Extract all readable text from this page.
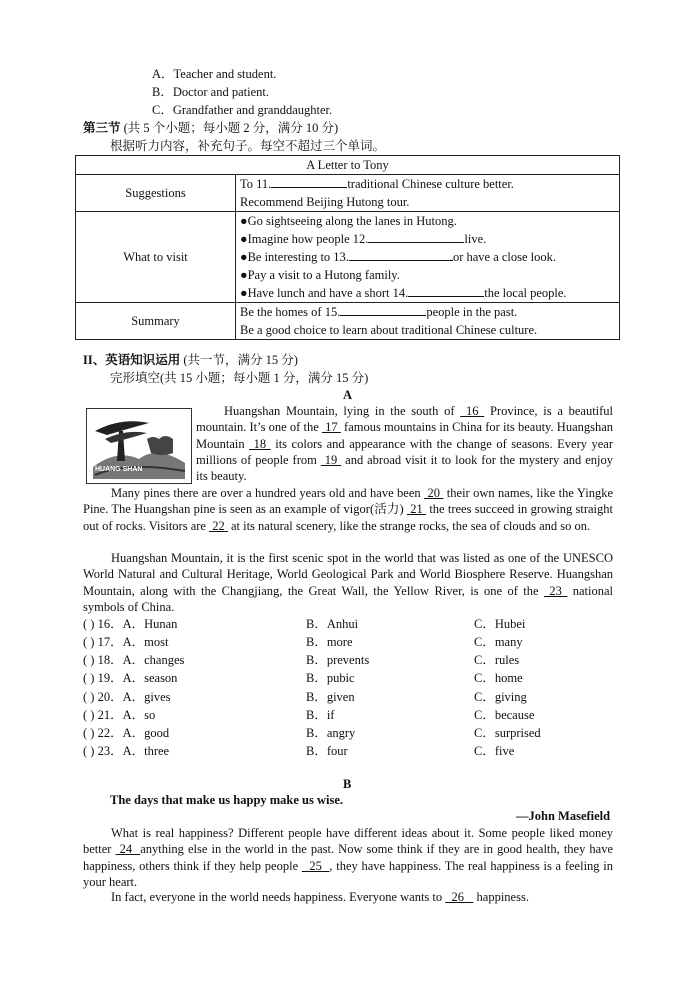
A．Teacher and student.
B．Doctor and patient.
C．Grandfather and granddaughter.
第三节 (共 5 个小题；每小题 2 分，满分 10 分)
根据听力内容，补充句子。每空不超过三个单词。
A Letter to Tony	
Suggestions	To 11. traditional Chinese culture better.
Recommend Beijing Hutong tour.

What to visit	●Go sightseeing along the lanes in Hutong.
●Imagine how people 12. live.
●Be interesting to 13. or have a close look.
●Pay a visit to a Hutong family.
●Have lunch and have a short 14. the local people.

Summary	Be the homes of 15. people in the past.
Be a good choice to learn about traditional Chinese culture.
II、英语知识运用 (共一节，满分 15 分)
完形填空(共 15 小题；每小题 1 分，满分 15 分)
A
HUANG SHAN
Huangshan Mountain, lying in the south of  16  Province, is a beautiful mountain. It’s one of the  17  famous mountains in China for its beauty. Huangshan Mountain  18  its colors and appearance with the change of seasons. Every year millions of people from  19  and abroad visit it to look for the mystery and enjoy its beauty.
Many pines there are over a hundred years old and have been  20  their own names, like the Yingke Pine. The Huangshan pine is seen as an example of vigor(活力)  21  the trees succeed in growing straight out of rocks. Visitors are  22  at its natural scenery, like the strange rocks, the sea of clouds and so on.
Huangshan Mountain, it is the first scenic spot in the world that was listed as one of the UNESCO World Natural and Cultural Heritage, World Geological Park and World Biosphere Reserve. Huangshan Mountain, along with the Changjiang, the Great Wall, the Yellow River, is one of the  23  national symbols of China.
( ) 16．A．Hunan	B．Anhui	C．Hubei
( ) 17．A．most	B．more	C．many
( ) 18．A．changes	B．prevents	C．rules
( ) 19．A．season	B．pubic	C．home
( ) 20．A．gives	B．given	C．giving
( ) 21．A．so	B．if	C．because
( ) 22．A．good	B．angry	C．surprised
( ) 23．A．three	B．four	C．five
B
The days that make us happy make us wise.
—John Masefield
What is real happiness? Different people have different ideas about it. Some people liked money better  24  anything else in the world in the past. Now some think if they are in good health, they have happiness, others think if they help people   25  , they have happiness. The real happiness is a feeling in your heart.
In fact, everyone in the world needs happiness. Everyone wants to   26    happiness.
